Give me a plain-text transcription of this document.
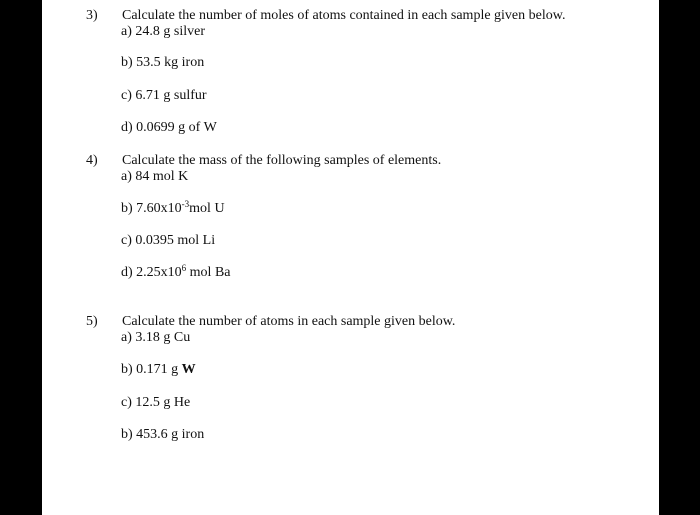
3) Calculate the number of moles of atoms contained in each sample given below.
a) 24.8 g silver
b) 53.5 kg iron
c) 6.71 g sulfur
d) 0.0699 g of W
4) Calculate the mass of the following samples of elements.
a) 84 mol K
b) $7.60x10^{-3}mol$ U
c) 0.0395 mol Li
d) $2.25x10^6$ mol Ba
5) Calculate the number of atoms in each sample given below.
a) 3.18 g Cu
b) 0.171 g W
c) 12.5 g He
b) 453.6 g iron
